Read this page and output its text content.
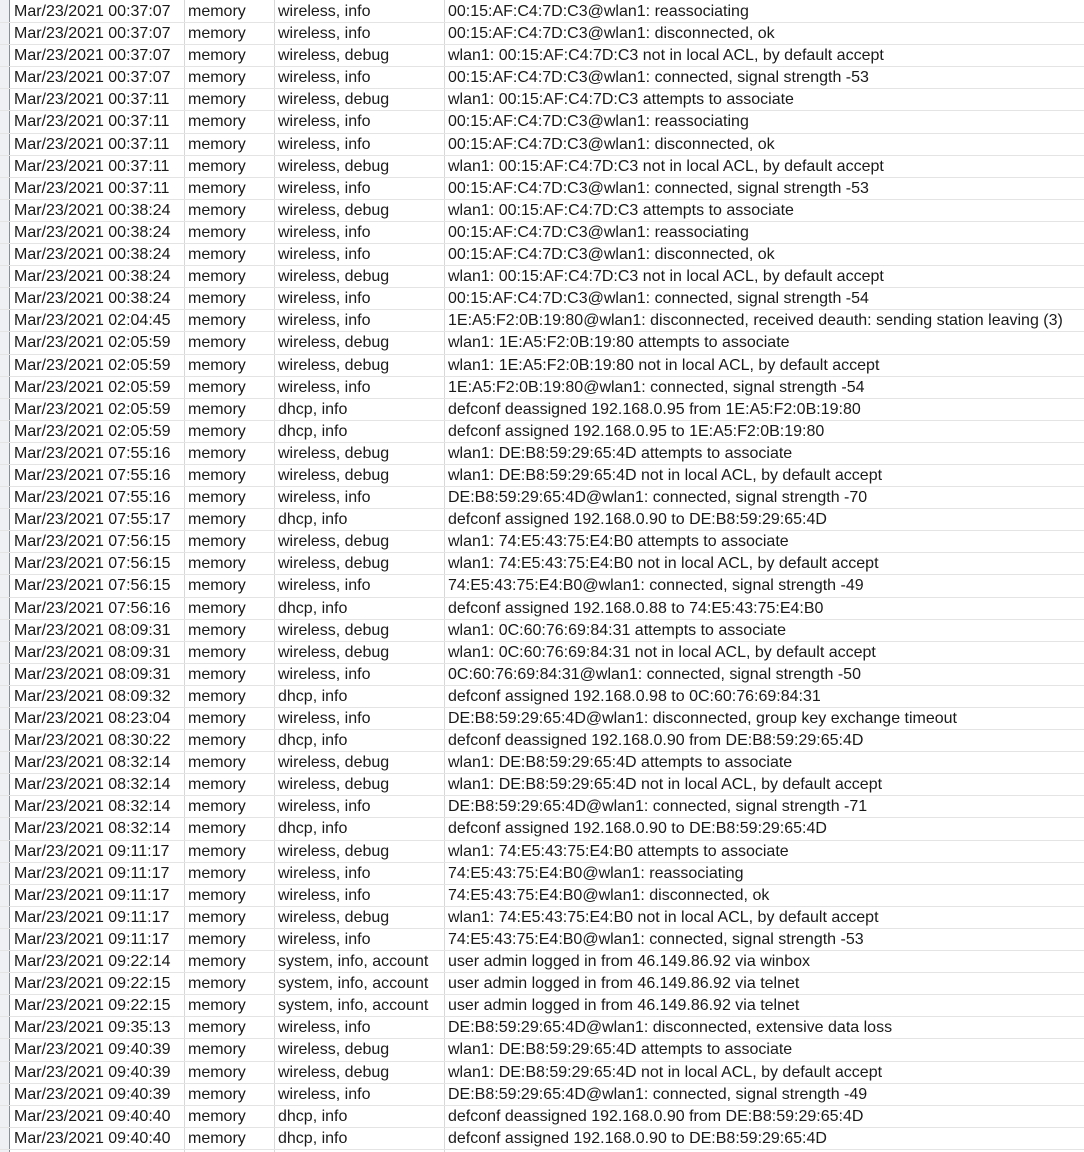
Mar/23/2021 00:37:07	memory	wireless, info	00:15:AF:C4:7D:C3@wlan1: reassociating
Mar/23/2021 00:37:07	memory	wireless, info	00:15:AF:C4:7D:C3@wlan1: disconnected, ok
Mar/23/2021 00:37:07	memory	wireless, debug	wlan1: 00:15:AF:C4:7D:C3 not in local ACL, by default accept
Mar/23/2021 00:37:07	memory	wireless, info	00:15:AF:C4:7D:C3@wlan1: connected, signal strength -53
Mar/23/2021 00:37:11	memory	wireless, debug	wlan1: 00:15:AF:C4:7D:C3 attempts to associate
Mar/23/2021 00:37:11	memory	wireless, info	00:15:AF:C4:7D:C3@wlan1: reassociating
Mar/23/2021 00:37:11	memory	wireless, info	00:15:AF:C4:7D:C3@wlan1: disconnected, ok
Mar/23/2021 00:37:11	memory	wireless, debug	wlan1: 00:15:AF:C4:7D:C3 not in local ACL, by default accept
Mar/23/2021 00:37:11	memory	wireless, info	00:15:AF:C4:7D:C3@wlan1: connected, signal strength -53
Mar/23/2021 00:38:24	memory	wireless, debug	wlan1: 00:15:AF:C4:7D:C3 attempts to associate
Mar/23/2021 00:38:24	memory	wireless, info	00:15:AF:C4:7D:C3@wlan1: reassociating
Mar/23/2021 00:38:24	memory	wireless, info	00:15:AF:C4:7D:C3@wlan1: disconnected, ok
Mar/23/2021 00:38:24	memory	wireless, debug	wlan1: 00:15:AF:C4:7D:C3 not in local ACL, by default accept
Mar/23/2021 00:38:24	memory	wireless, info	00:15:AF:C4:7D:C3@wlan1: connected, signal strength -54
Mar/23/2021 02:04:45	memory	wireless, info	1E:A5:F2:0B:19:80@wlan1: disconnected, received deauth: sending station leaving (3)
Mar/23/2021 02:05:59	memory	wireless, debug	wlan1: 1E:A5:F2:0B:19:80 attempts to associate
Mar/23/2021 02:05:59	memory	wireless, debug	wlan1: 1E:A5:F2:0B:19:80 not in local ACL, by default accept
Mar/23/2021 02:05:59	memory	wireless, info	1E:A5:F2:0B:19:80@wlan1: connected, signal strength -54
Mar/23/2021 02:05:59	memory	dhcp, info	defconf deassigned 192.168.0.95 from 1E:A5:F2:0B:19:80
Mar/23/2021 02:05:59	memory	dhcp, info	defconf assigned 192.168.0.95 to 1E:A5:F2:0B:19:80
Mar/23/2021 07:55:16	memory	wireless, debug	wlan1: DE:B8:59:29:65:4D attempts to associate
Mar/23/2021 07:55:16	memory	wireless, debug	wlan1: DE:B8:59:29:65:4D not in local ACL, by default accept
Mar/23/2021 07:55:16	memory	wireless, info	DE:B8:59:29:65:4D@wlan1: connected, signal strength -70
Mar/23/2021 07:55:17	memory	dhcp, info	defconf assigned 192.168.0.90 to DE:B8:59:29:65:4D
Mar/23/2021 07:56:15	memory	wireless, debug	wlan1: 74:E5:43:75:E4:B0 attempts to associate
Mar/23/2021 07:56:15	memory	wireless, debug	wlan1: 74:E5:43:75:E4:B0 not in local ACL, by default accept
Mar/23/2021 07:56:15	memory	wireless, info	74:E5:43:75:E4:B0@wlan1: connected, signal strength -49
Mar/23/2021 07:56:16	memory	dhcp, info	defconf assigned 192.168.0.88 to 74:E5:43:75:E4:B0
Mar/23/2021 08:09:31	memory	wireless, debug	wlan1: 0C:60:76:69:84:31 attempts to associate
Mar/23/2021 08:09:31	memory	wireless, debug	wlan1: 0C:60:76:69:84:31 not in local ACL, by default accept
Mar/23/2021 08:09:31	memory	wireless, info	0C:60:76:69:84:31@wlan1: connected, signal strength -50
Mar/23/2021 08:09:32	memory	dhcp, info	defconf assigned 192.168.0.98 to 0C:60:76:69:84:31
Mar/23/2021 08:23:04	memory	wireless, info	DE:B8:59:29:65:4D@wlan1: disconnected, group key exchange timeout
Mar/23/2021 08:30:22	memory	dhcp, info	defconf deassigned 192.168.0.90 from DE:B8:59:29:65:4D
Mar/23/2021 08:32:14	memory	wireless, debug	wlan1: DE:B8:59:29:65:4D attempts to associate
Mar/23/2021 08:32:14	memory	wireless, debug	wlan1: DE:B8:59:29:65:4D not in local ACL, by default accept
Mar/23/2021 08:32:14	memory	wireless, info	DE:B8:59:29:65:4D@wlan1: connected, signal strength -71
Mar/23/2021 08:32:14	memory	dhcp, info	defconf assigned 192.168.0.90 to DE:B8:59:29:65:4D
Mar/23/2021 09:11:17	memory	wireless, debug	wlan1: 74:E5:43:75:E4:B0 attempts to associate
Mar/23/2021 09:11:17	memory	wireless, info	74:E5:43:75:E4:B0@wlan1: reassociating
Mar/23/2021 09:11:17	memory	wireless, info	74:E5:43:75:E4:B0@wlan1: disconnected, ok
Mar/23/2021 09:11:17	memory	wireless, debug	wlan1: 74:E5:43:75:E4:B0 not in local ACL, by default accept
Mar/23/2021 09:11:17	memory	wireless, info	74:E5:43:75:E4:B0@wlan1: connected, signal strength -53
Mar/23/2021 09:22:14	memory	system, info, account	user admin logged in from 46.149.86.92 via winbox
Mar/23/2021 09:22:15	memory	system, info, account	user admin logged in from 46.149.86.92 via telnet
Mar/23/2021 09:22:15	memory	system, info, account	user admin logged in from 46.149.86.92 via telnet
Mar/23/2021 09:35:13	memory	wireless, info	DE:B8:59:29:65:4D@wlan1: disconnected, extensive data loss
Mar/23/2021 09:40:39	memory	wireless, debug	wlan1: DE:B8:59:29:65:4D attempts to associate
Mar/23/2021 09:40:39	memory	wireless, debug	wlan1: DE:B8:59:29:65:4D not in local ACL, by default accept
Mar/23/2021 09:40:39	memory	wireless, info	DE:B8:59:29:65:4D@wlan1: connected, signal strength -49
Mar/23/2021 09:40:40	memory	dhcp, info	defconf deassigned 192.168.0.90 from DE:B8:59:29:65:4D
Mar/23/2021 09:40:40	memory	dhcp, info	defconf assigned 192.168.0.90 to DE:B8:59:29:65:4D
